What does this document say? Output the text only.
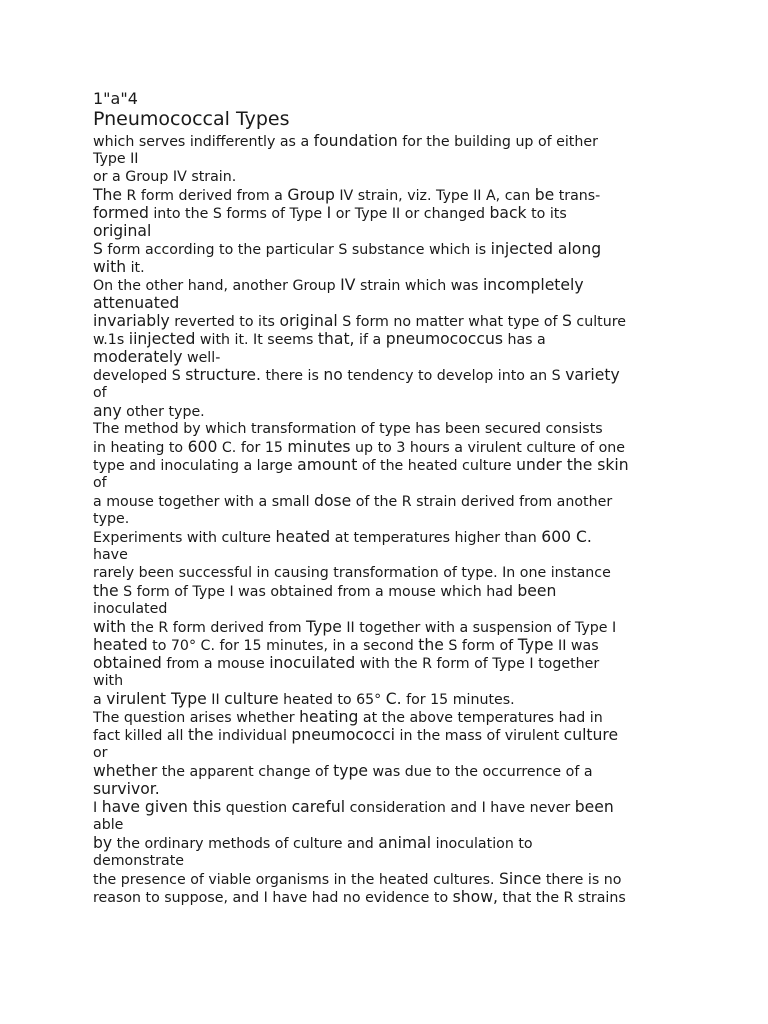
1"a"4
Pneumococcal Types
which serves indifferently as a foundation for the building up of either
Type II
or a Group IV strain.
The R form derived from a Group IV strain, viz. Type II A, can be trans-
formed into the S forms of Type I or Type II or changed back to its
original
S form according to the particular S substance which is injected along
with it.
On the other hand, another Group IV strain which was incompletely
attenuated
invariably reverted to its original S form no matter what type of S culture
w.1s iinjected with it. It seems that, if a pneumococcus has a
moderately well-
developed S structure. there is no tendency to develop into an S variety
of
any other type.
The method by which transformation of type has been secured consists
in heating to 600 C. for 15 minutes up to 3 hours a virulent culture of one
type and inoculating a large amount of the heated culture under the skin
of
a mouse together with a small dose of the R strain derived from another
type.
Experiments with culture heated at temperatures higher than 600 C.
have
rarely been successful in causing transformation of type. In one instance
the S form of Type I was obtained from a mouse which had been
inoculated
with the R form derived from Type II together with a suspension of Type I
heated to 70° C. for 15 minutes, in a second the S form of Type II was
obtained from a mouse inocuilated with the R form of Type I together
with
a virulent Type II culture heated to 65° C. for 15 minutes.
The question arises whether heating at the above temperatures had in
fact killed all the individual pneumococci in the mass of virulent culture
or
whether the apparent change of type was due to the occurrence of a
survivor.
I have given this question careful consideration and I have never been
able
by the ordinary methods of culture and animal inoculation to
demonstrate
the presence of viable organisms in the heated cultures. Since there is no
reason to suppose, and I have had no evidence to show, that the R strains
